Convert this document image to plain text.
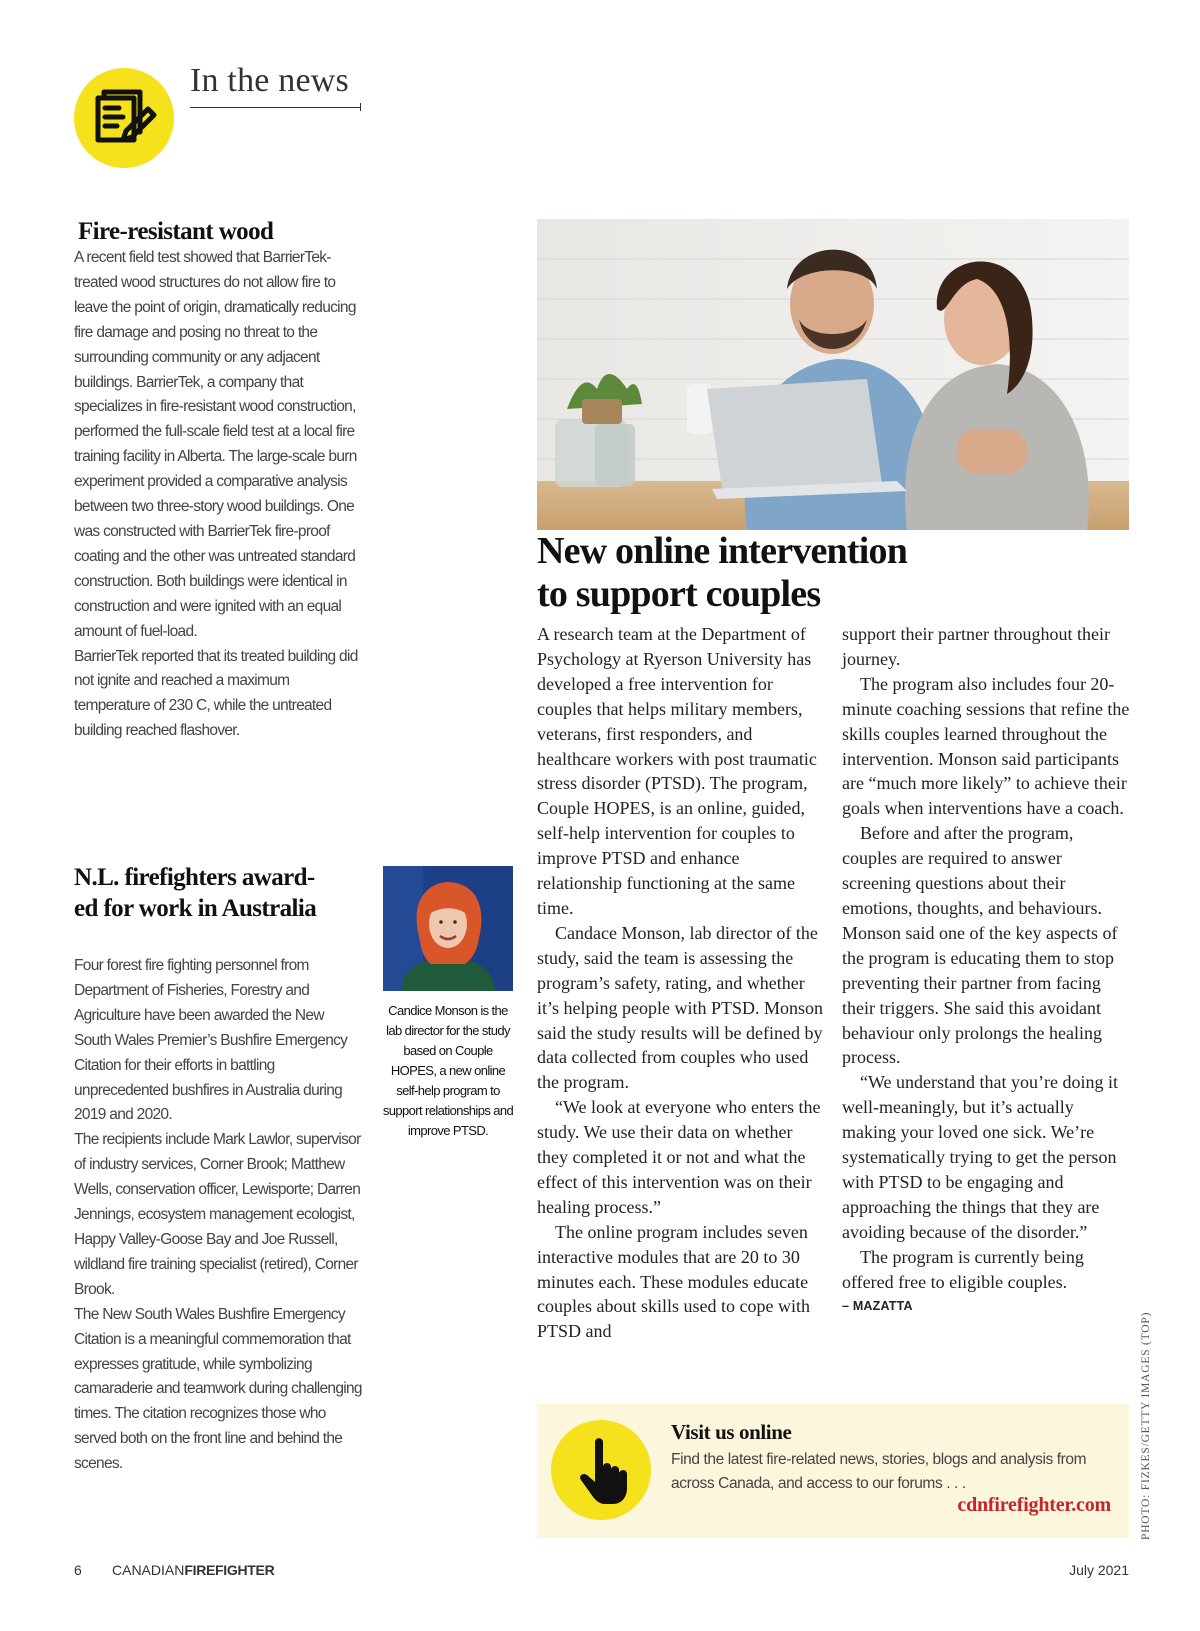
In the news
Fire-resistant wood

A recent field test showed that BarrierTek-treated wood structures do not allow fire to leave the point of origin, dramatically reducing fire damage and posing no threat to the surrounding community or any adjacent buildings. BarrierTek, a company that specializes in fire-resistant wood construction, performed the full-scale field test at a local fire training facility in Alberta. The large-scale burn experiment provided a comparative analysis between two three-story wood buildings. One was constructed with BarrierTek fire-proof coating and the other was untreated standard construction. Both buildings were identical in construction and were ignited with an equal amount of fuel-load.

BarrierTek reported that its treated building did not ignite and reached a maximum temperature of 230 C, while the untreated building reached flashover.

N.L. firefighters award-
ed for work in Australia

Four forest fire fighting personnel from Department of Fisheries, Forestry and Agriculture have been awarded the New South Wales Premier’s Bushfire Emergency Citation for their efforts in battling unprecedented bushfires in Australia during 2019 and 2020.

The recipients include Mark Lawlor, supervisor of industry services, Corner Brook; Matthew Wells, conservation officer, Lewisporte; Darren Jennings, ecosystem management ecologist, Happy Valley-Goose Bay and Joe Russell, wildland fire training specialist (retired), Corner Brook.

The New South Wales Bushfire Emergency Citation is a meaningful commemoration that expresses gratitude, while symbolizing camaraderie and teamwork during challenging times. The citation recognizes those who served both on the front line and behind the scenes.

Candice Monson is the lab director for the study based on Couple HOPES, a new online self-help program to support relationships and improve PTSD.
New online intervention
to support couples

A research team at the Department of Psychology at Ryerson University has developed a free intervention for couples that helps military members, veterans, first responders, and healthcare workers with post traumatic stress disorder (PTSD). The program, Couple HOPES, is an online, guided, self-help intervention for couples to improve PTSD and enhance relationship functioning at the same time.

Candace Monson, lab director of the study, said the team is assessing the program’s safety, rating, and whether it’s helping people with PTSD. Monson said the study results will be defined by data collected from couples who used the program.

“We look at everyone who enters the study. We use their data on whether they completed it or not and what the effect of this intervention was on their healing process.”

The online program includes seven interactive modules that are 20 to 30 minutes each. These modules educate couples about skills used to cope with PTSD and

support their partner throughout their journey.

The program also includes four 20-minute coaching sessions that refine the skills couples learned throughout the intervention. Monson said participants are “much more likely” to achieve their goals when interventions have a coach.

Before and after the program, couples are required to answer screening questions about their emotions, thoughts, and behaviours. Monson said one of the key aspects of the program is educating them to stop preventing their partner from facing their triggers. She said this avoidant behaviour only prolongs the healing process.

“We understand that you’re doing it well-meaningly, but it’s actually making your loved one sick. We’re systematically trying to get the person with PTSD to be engaging and approaching the things that they are avoiding because of the disorder.”

The program is currently being offered free to eligible couples.

– MAZATTA
Visit us online
Find the latest fire-related news, stories, blogs and analysis from across Canada, and access to our forums . . .
cdnfirefighter.com	PHOTO: FIZKES/GETTY IMAGES (TOP)
6 CANADIANFIREFIGHTER	July 2021
